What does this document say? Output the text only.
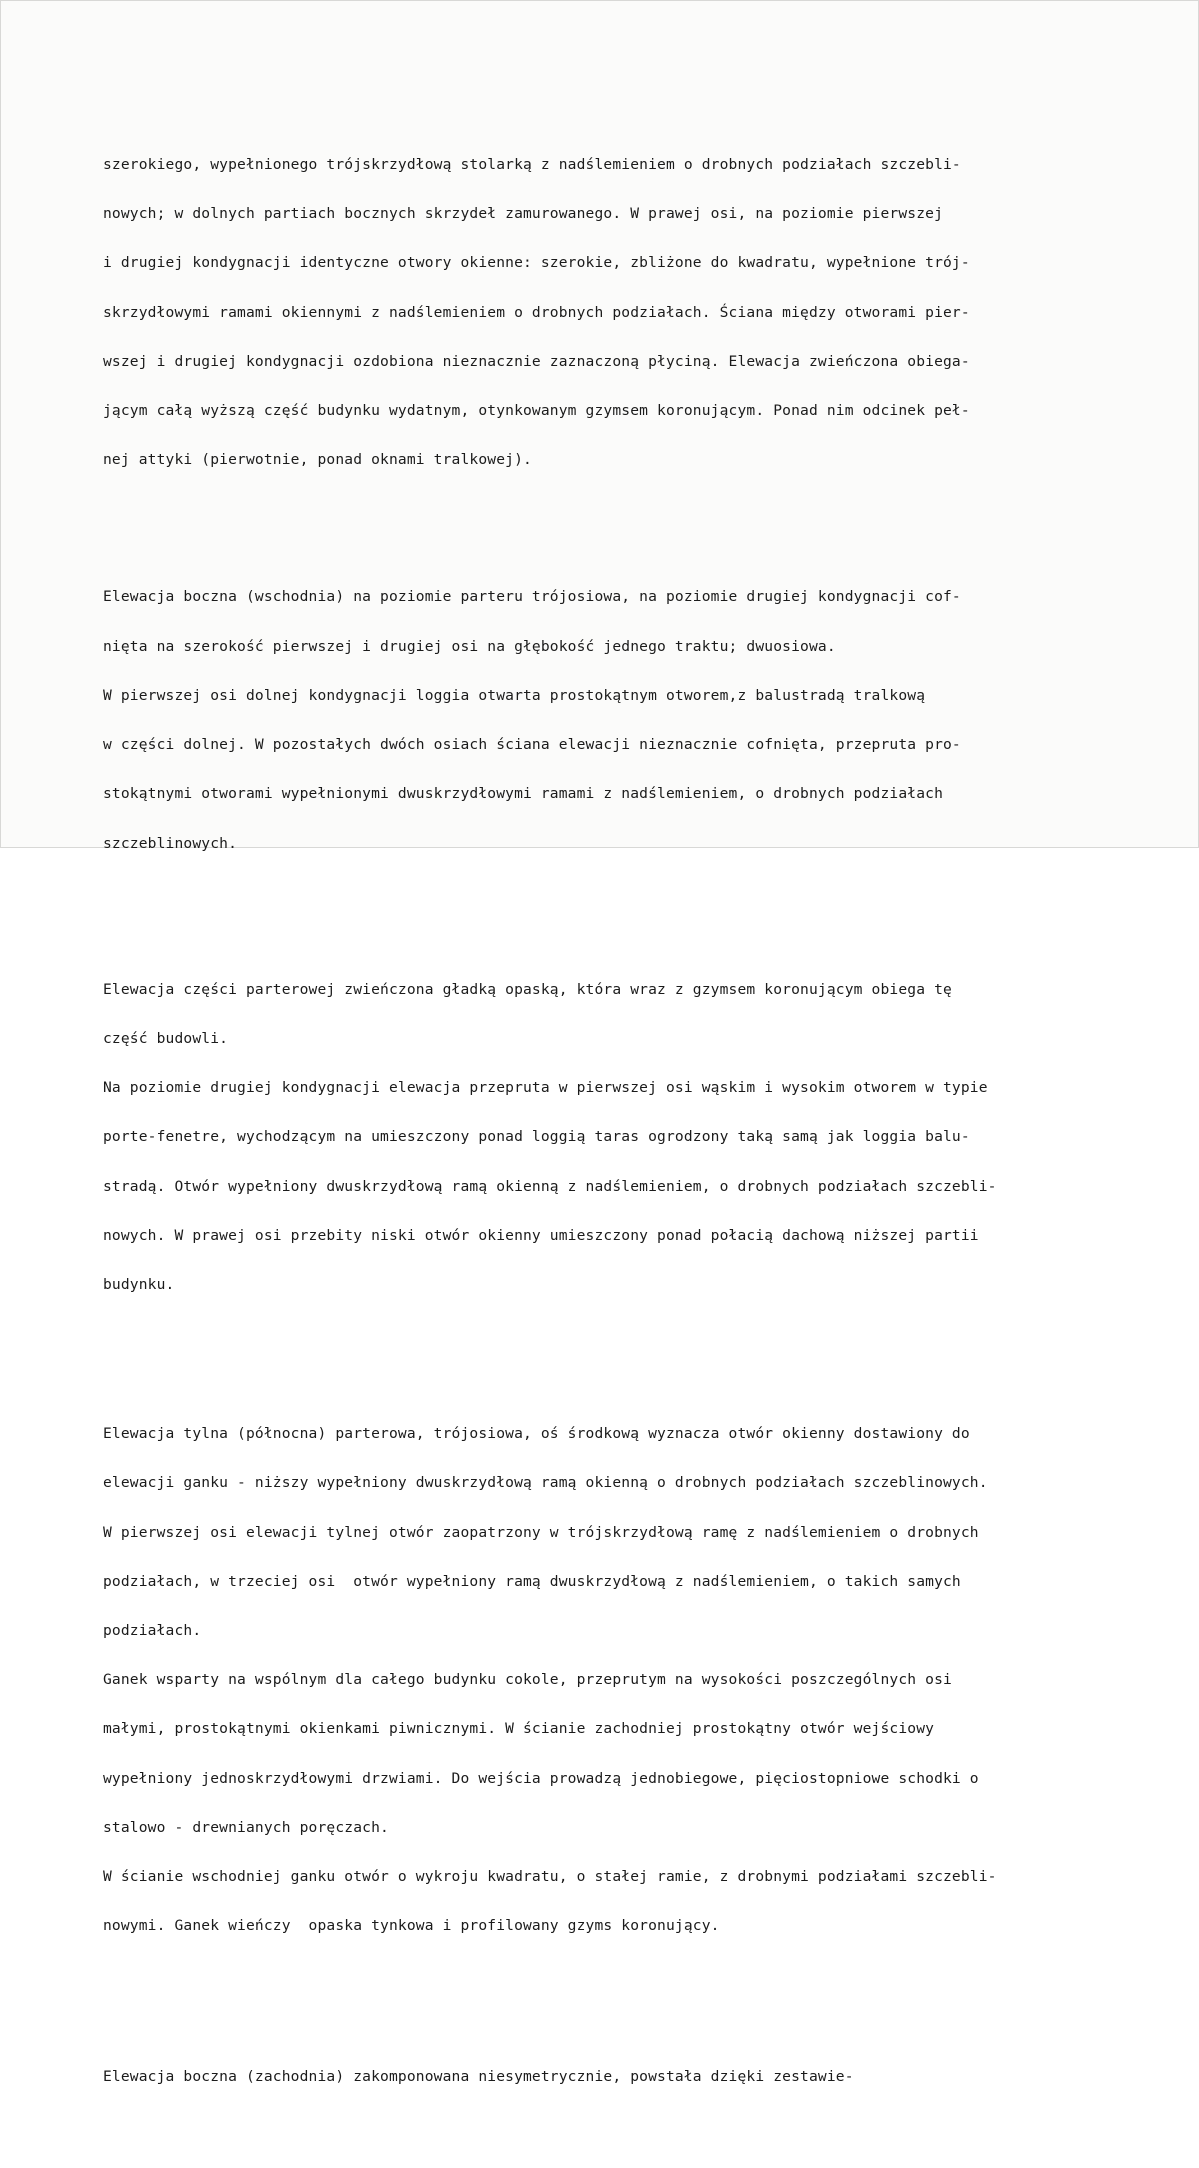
szerokiego, wypełnionego trójskrzydłową stolarką z nadślemieniem o drobnych podziałach szczebli-

nowych; w dolnych partiach bocznych skrzydeł zamurowanego. W prawej osi, na poziomie pierwszej

i drugiej kondygnacji identyczne otwory okienne: szerokie, zbliżone do kwadratu, wypełnione trój-

skrzydłowymi ramami okiennymi z nadślemieniem o drobnych podziałach. Ściana między otworami pier-

wszej i drugiej kondygnacji ozdobiona nieznacznie zaznaczoną płyciną. Elewacja zwieńczona obiega-

jącym całą wyższą część budynku wydatnym, otynkowanym gzymsem koronującym. Ponad nim odcinek peł-

nej attyki (pierwotnie, ponad oknami tralkowej).

Elewacja boczna (wschodnia) na poziomie parteru trójosiowa, na poziomie drugiej kondygnacji cof-

nięta na szerokość pierwszej i drugiej osi na głębokość jednego traktu; dwuosiowa.

W pierwszej osi dolnej kondygnacji loggia otwarta prostokątnym otworem,z balustradą tralkową

w części dolnej. W pozostałych dwóch osiach ściana elewacji nieznacznie cofnięta, przepruta pro-

stokątnymi otworami wypełnionymi dwuskrzydłowymi ramami z nadślemieniem, o drobnych podziałach

szczeblinowych.

Elewacja części parterowej zwieńczona gładką opaską, która wraz z gzymsem koronującym obiega tę

część budowli.

Na poziomie drugiej kondygnacji elewacja przepruta w pierwszej osi wąskim i wysokim otworem w typie

porte-fenetre, wychodzącym na umieszczony ponad loggią taras ogrodzony taką samą jak loggia balu-

stradą. Otwór wypełniony dwuskrzydłową ramą okienną z nadślemieniem, o drobnych podziałach szczebli-

nowych. W prawej osi przebity niski otwór okienny umieszczony ponad połacią dachową niższej partii

budynku.

Elewacja tylna (północna) parterowa, trójosiowa, oś środkową wyznacza otwór okienny dostawiony do

elewacji ganku - niższy wypełniony dwuskrzydłową ramą okienną o drobnych podziałach szczeblinowych.

W pierwszej osi elewacji tylnej otwór zaopatrzony w trójskrzydłową ramę z nadślemieniem o drobnych

podziałach, w trzeciej osi  otwór wypełniony ramą dwuskrzydłową z nadślemieniem, o takich samych

podziałach.

Ganek wsparty na wspólnym dla całego budynku cokole, przeprutym na wysokości poszczególnych osi

małymi, prostokątnymi okienkami piwnicznymi. W ścianie zachodniej prostokątny otwór wejściowy

wypełniony jednoskrzydłowymi drzwiami. Do wejścia prowadzą jednobiegowe, pięciostopniowe schodki o

stalowo - drewnianych poręczach.

W ścianie wschodniej ganku otwór o wykroju kwadratu, o stałej ramie, z drobnymi podziałami szczebli-

nowymi. Ganek wieńczy  opaska tynkowa i profilowany gzyms koronujący.

Elewacja boczna (zachodnia) zakomponowana niesymetrycznie, powstała dzięki zestawie-
